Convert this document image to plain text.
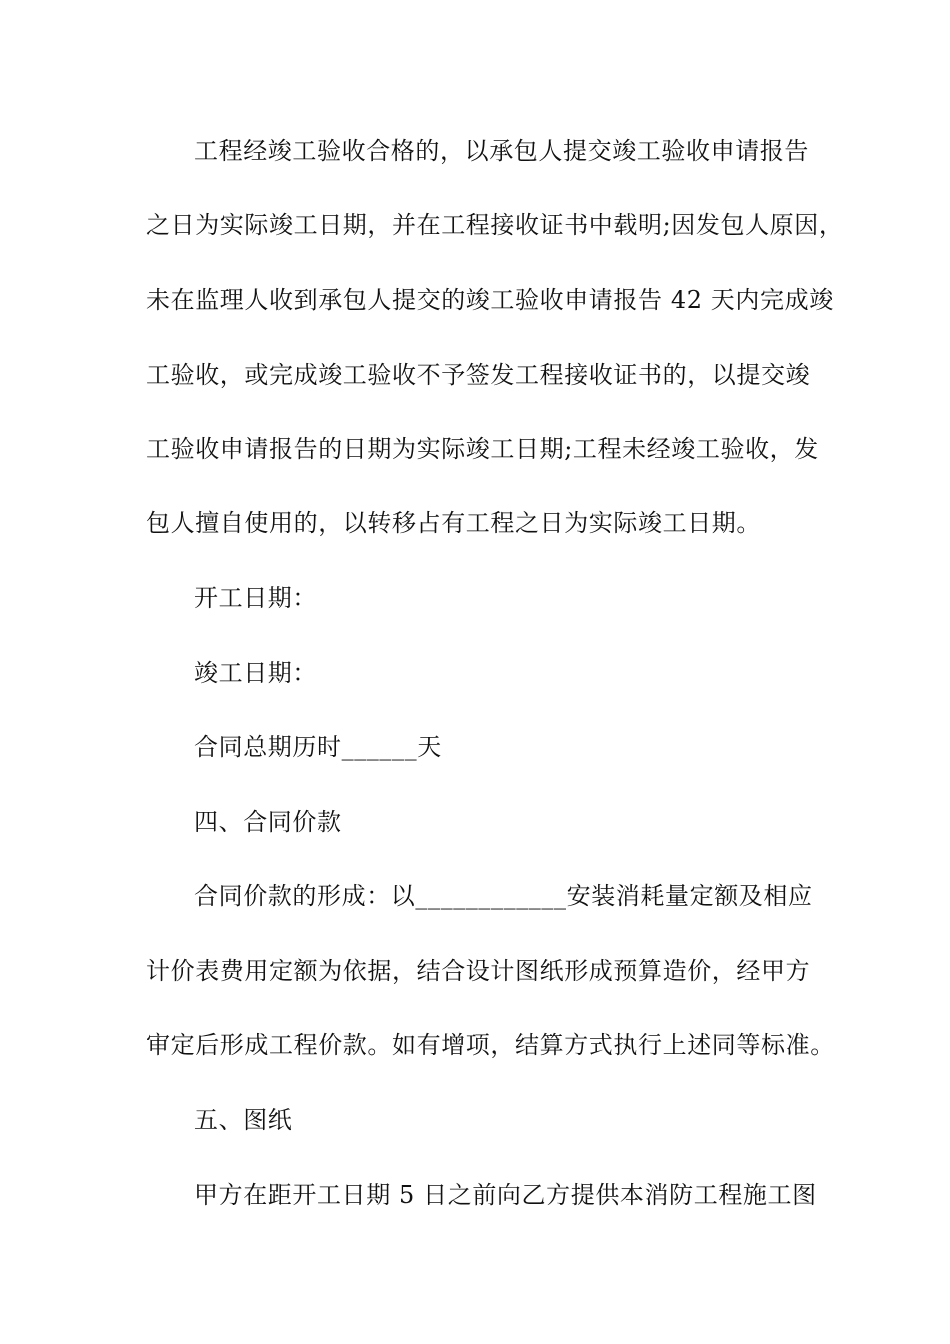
工程经竣工验收合格的，以承包人提交竣工验收申请报告
之日为实际竣工日期，并在工程接收证书中载明;因发包人原因，
未在监理人收到承包人提交的竣工验收申请报告 42 天内完成竣
工验收，或完成竣工验收不予签发工程接收证书的，以提交竣
工验收申请报告的日期为实际竣工日期;工程未经竣工验收，发
包人擅自使用的，以转移占有工程之日为实际竣工日期。
开工日期：
竣工日期：
合同总期历时______天
四、合同价款
合同价款的形成：以____________安装消耗量定额及相应
计价表费用定额为依据，结合设计图纸形成预算造价，经甲方
审定后形成工程价款。如有增项，结算方式执行上述同等标准。
五、图纸
甲方在距开工日期 5 日之前向乙方提供本消防工程施工图
